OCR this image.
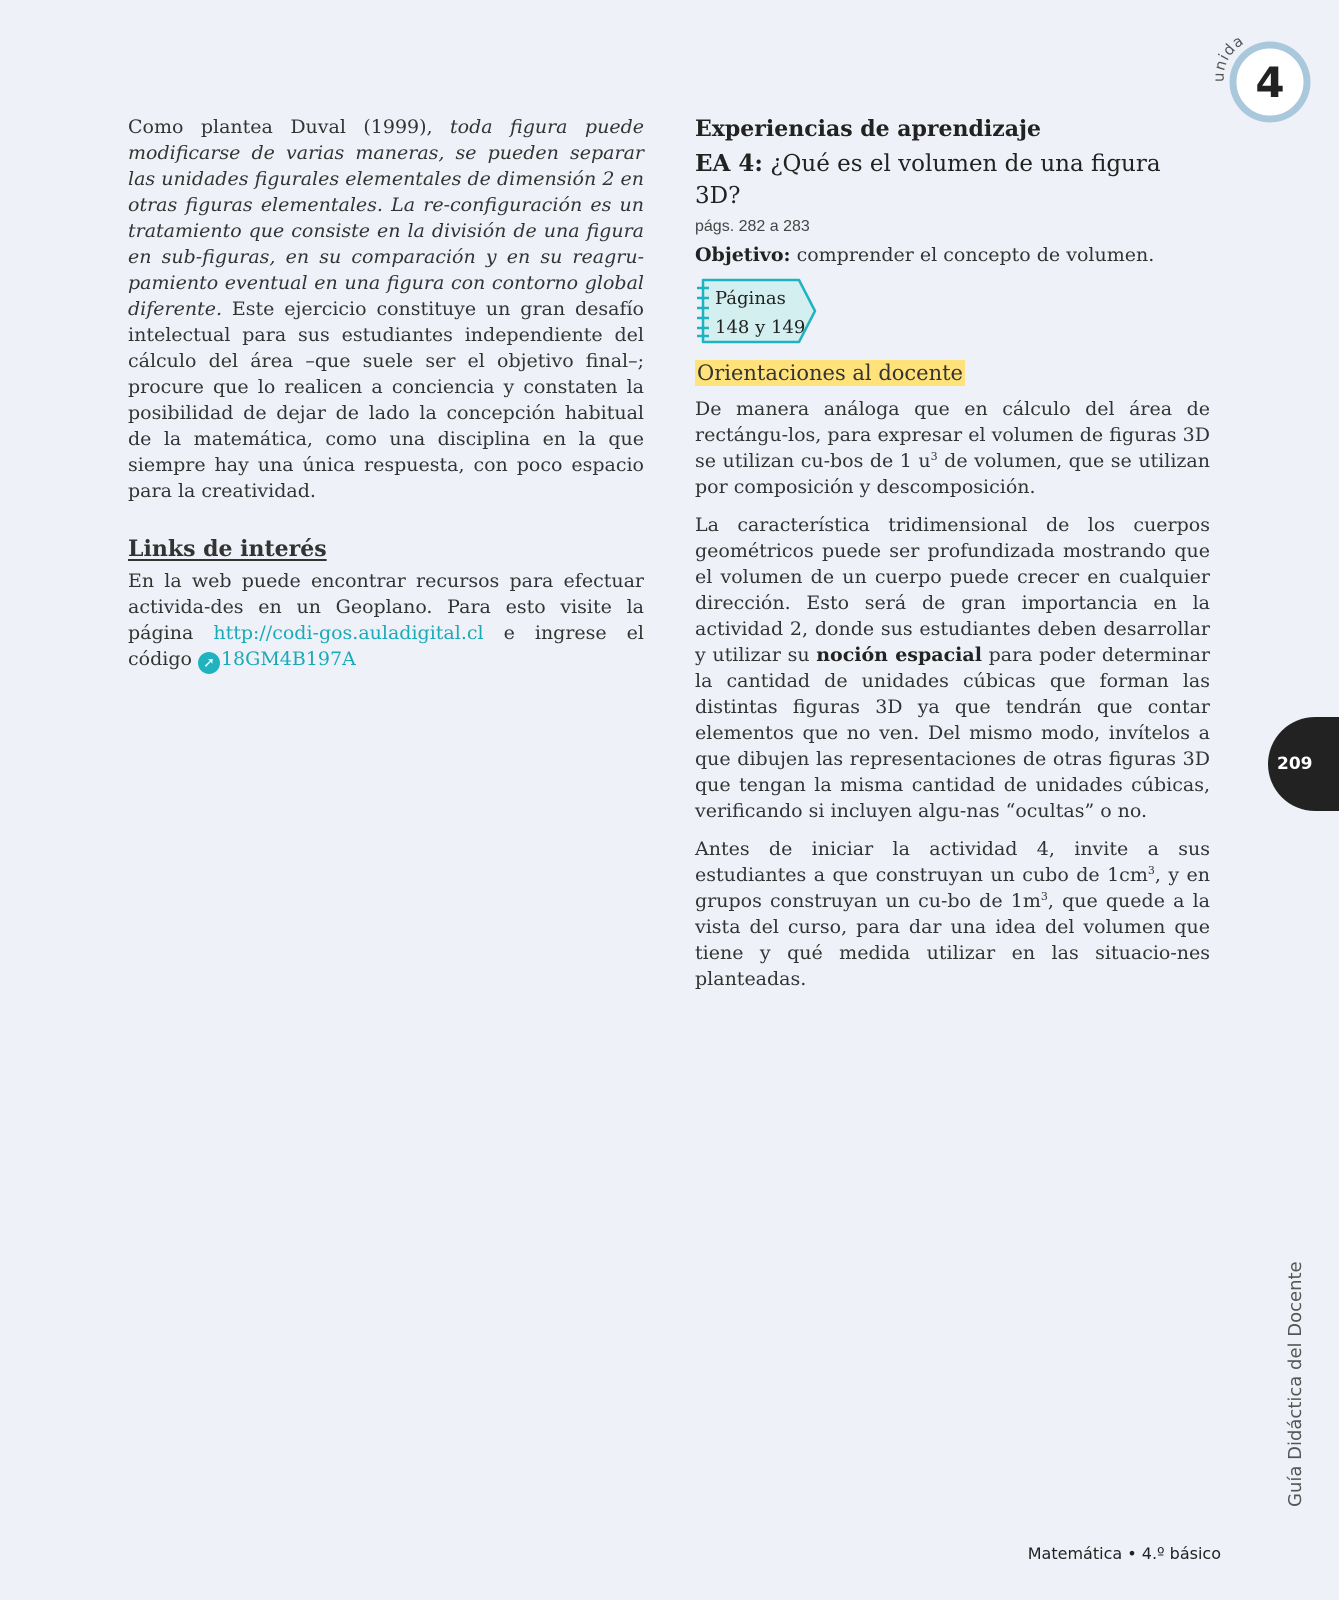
Como plantea Duval (1999), toda figura puede modificarse de varias maneras, se pueden separar las unidades figurales elementales de dimensión 2 en otras figuras elementales. La re-configuración es un tratamiento que consiste en la división de una figura en sub-figuras, en su comparación y en su reagru-pamiento eventual en una figura con contorno global diferente. Este ejercicio constituye un gran desafío intelectual para sus estudiantes independiente del cálculo del área –que suele ser el objetivo final–; procure que lo realicen a conciencia y constaten la posibilidad de dejar de lado la concepción habitual de la matemática, como una disciplina en la que siempre hay una única respuesta, con poco espacio para la creatividad.

Links de interés

En la web puede encontrar recursos para efectuar activida-des en un Geoplano. Para esto visite la página http://codi-gos.auladigital.cl e ingrese el código ➚ 18GM4B197A

Experiencias de aprendizaje
EA 4: ¿Qué es el volumen de una figura 3D?
págs. 282 a 283
Objetivo: comprender el concepto de volumen.
Páginas
148 y 149
Orientaciones al docente

De manera análoga que en cálculo del área de rectángu-los, para expresar el volumen de figuras 3D se utilizan cu-bos de 1 $u^3$ de volumen, que se utilizan por composición y descomposición.

La característica tridimensional de los cuerpos geométricos puede ser profundizada mostrando que el volumen de un cuerpo puede crecer en cualquier dirección. Esto será de gran importancia en la actividad 2, donde sus estudiantes deben desarrollar y utilizar su noción espacial para poder determinar la cantidad de unidades cúbicas que forman las distintas figuras 3D ya que tendrán que contar elementos que no ven. Del mismo modo, invítelos a que dibujen las representaciones de otras figuras 3D que tengan la misma cantidad de unidades cúbicas, verificando si incluyen algu-nas “ocultas” o no.

Antes de iniciar la actividad 4, invite a sus estudiantes a que construyan un cubo de $1cm^3$, y en grupos construyan un cu-bo de $1m^3$, que quede a la vista del curso, para dar una idea del volumen que tiene y qué medida utilizar en las situacio-nes planteadas.

unida
4
209
Guía Didáctica del Docente
Matemática • 4.º básico
